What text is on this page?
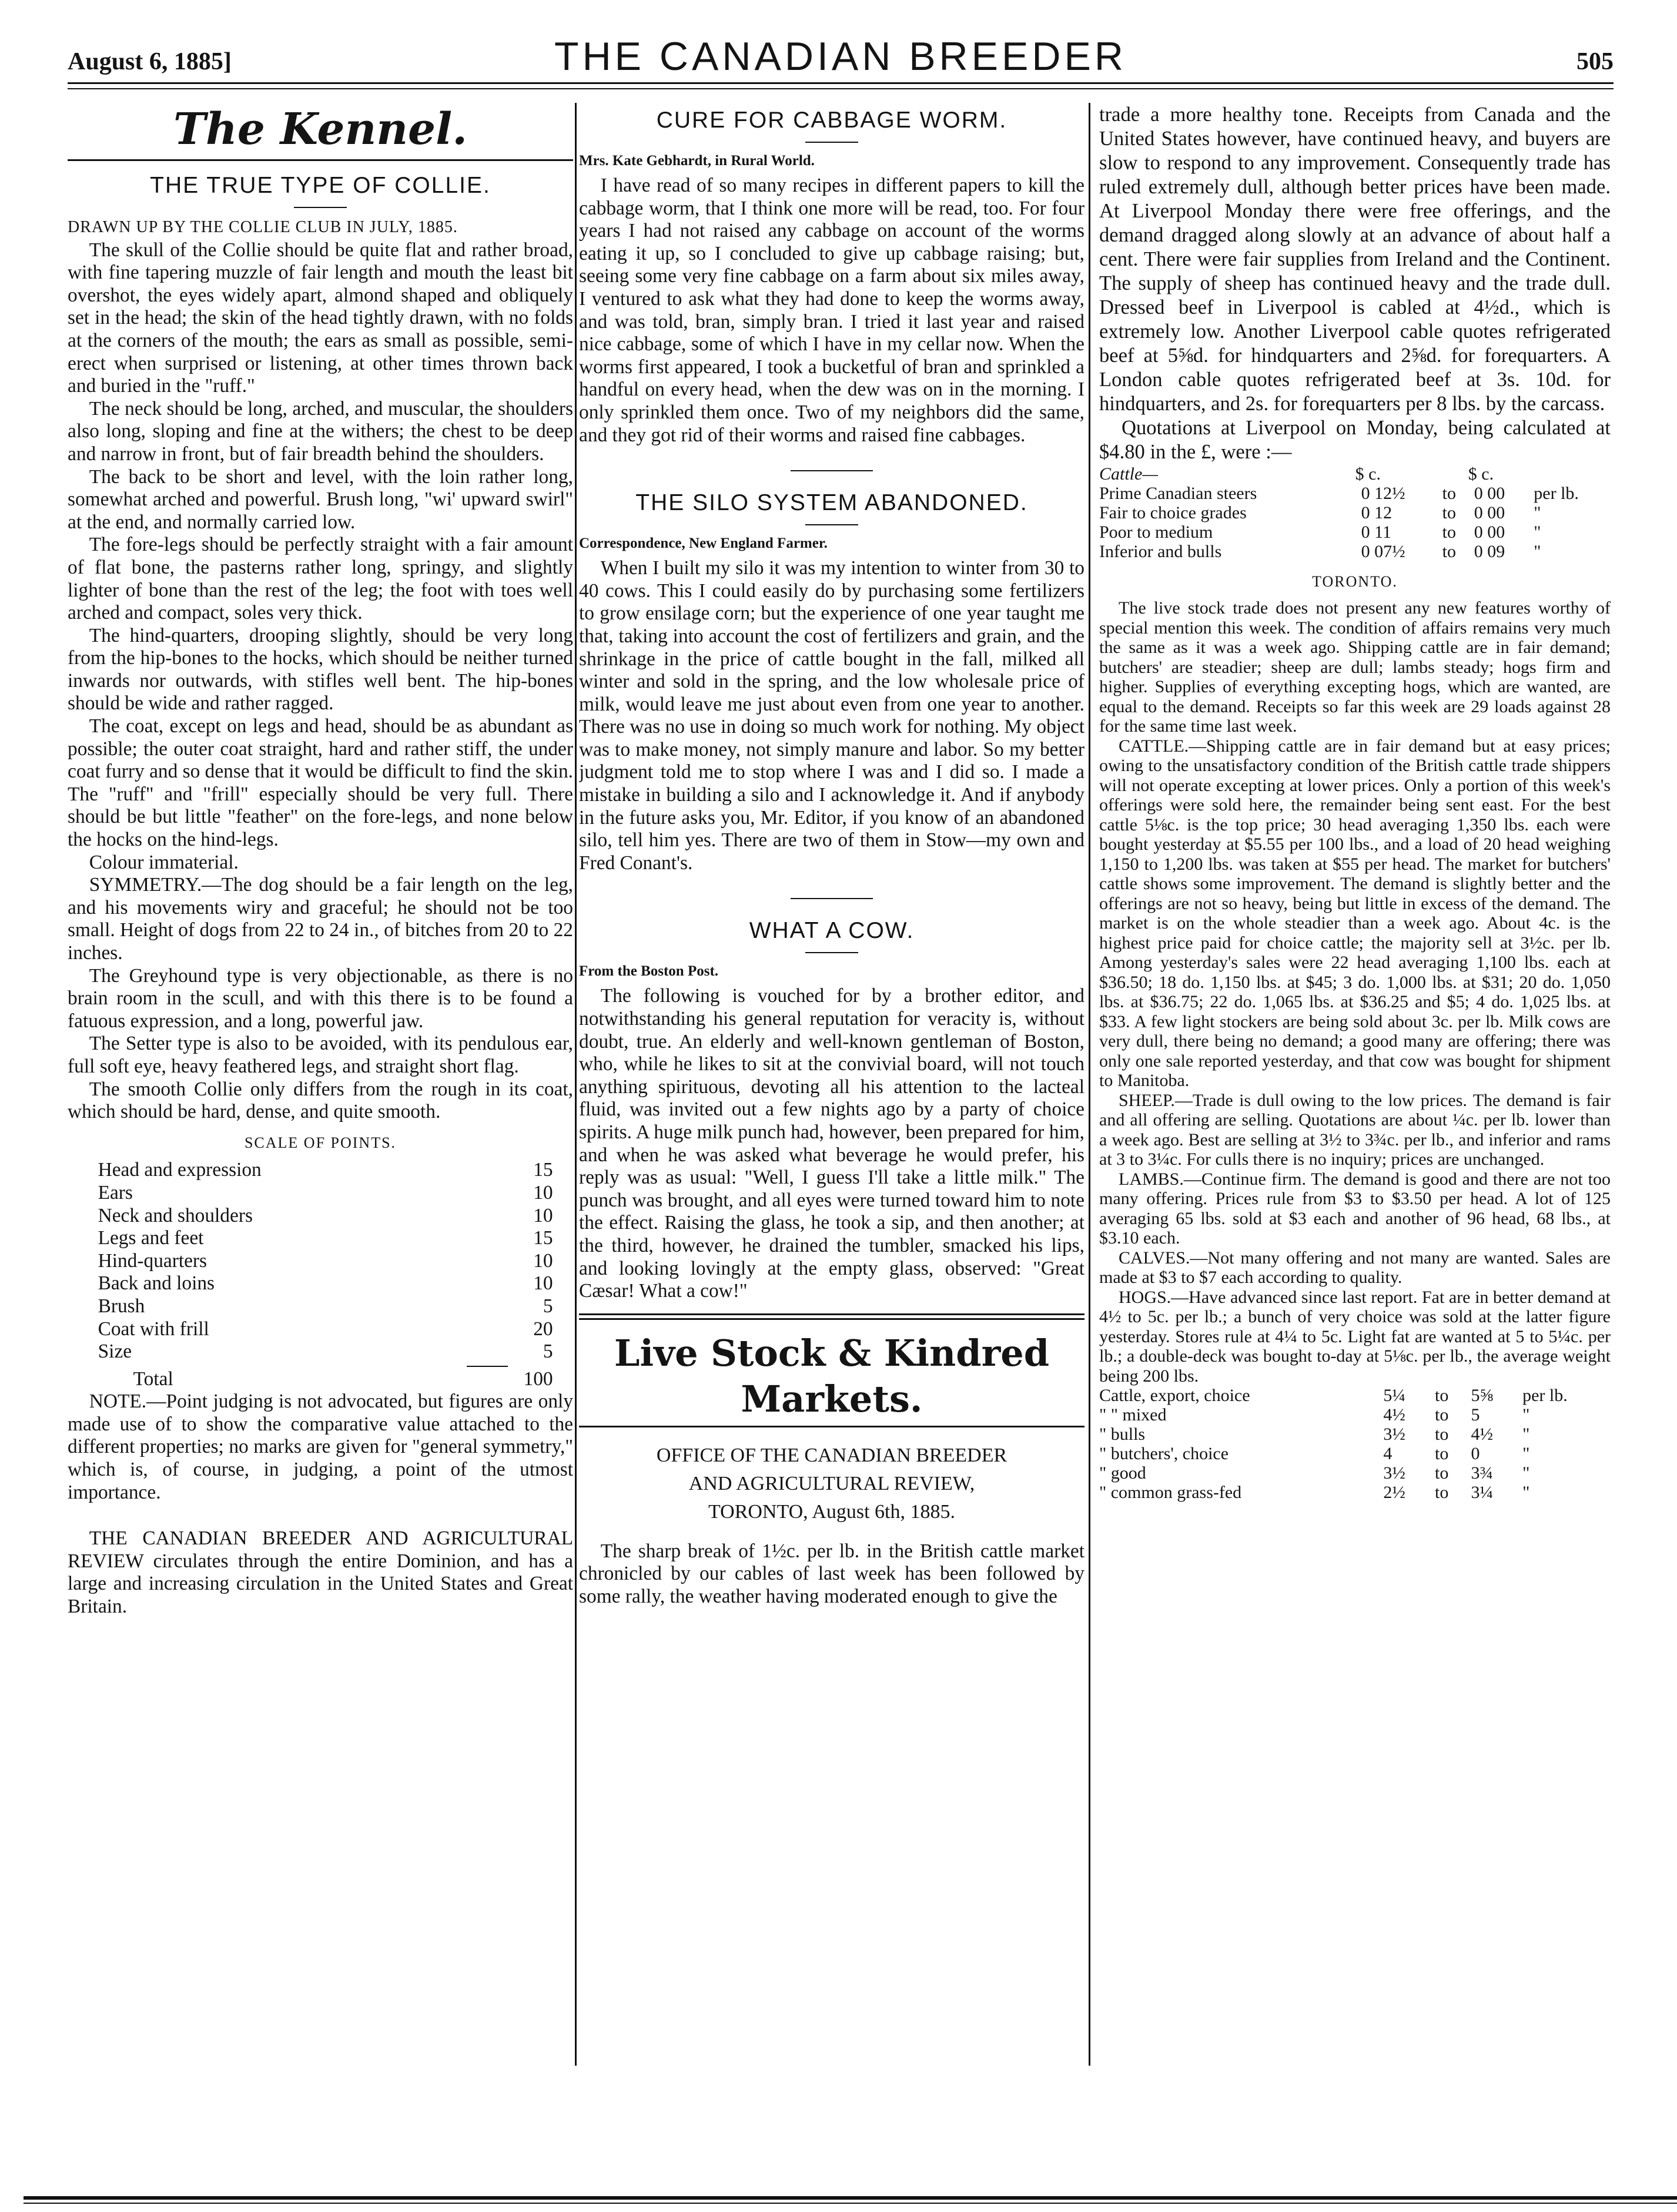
August 6, 1885]	THE CANADIAN BREEDER	505
The Kennel.
THE TRUE TYPE OF COLLIE.

DRAWN UP BY THE COLLIE CLUB IN JULY, 1885.

The skull of the Collie should be quite flat and rather broad, with fine tapering muzzle of fair length and mouth the least bit overshot, the eyes widely apart, almond shaped and obliquely set in the head; the skin of the head tightly drawn, with no folds at the corners of the mouth; the ears as small as possible, semi-erect when surprised or listening, at other times thrown back and buried in the "ruff."

The neck should be long, arched, and muscular, the shoulders also long, sloping and fine at the withers; the chest to be deep and narrow in front, but of fair breadth behind the shoulders.

The back to be short and level, with the loin rather long, somewhat arched and powerful. Brush long, "wi' upward swirl" at the end, and normally carried low.

The fore-legs should be perfectly straight with a fair amount of flat bone, the pasterns rather long, springy, and slightly lighter of bone than the rest of the leg; the foot with toes well arched and compact, soles very thick.

The hind-quarters, drooping slightly, should be very long from the hip-bones to the hocks, which should be neither turned inwards nor outwards, with stifles well bent. The hip-bones should be wide and rather ragged.

The coat, except on legs and head, should be as abundant as possible; the outer coat straight, hard and rather stiff, the under coat furry and so dense that it would be difficult to find the skin. The "ruff" and "frill" especially should be very full. There should be but little "feather" on the fore-legs, and none below the hocks on the hind-legs.

Colour immaterial.

SYMMETRY.—The dog should be a fair length on the leg, and his movements wiry and graceful; he should not be too small. Height of dogs from 22 to 24 in., of bitches from 20 to 22 inches.

The Greyhound type is very objectionable, as there is no brain room in the scull, and with this there is to be found a fatuous expression, and a long, powerful jaw.

The Setter type is also to be avoided, with its pendulous ear, full soft eye, heavy feathered legs, and straight short flag.

The smooth Collie only differs from the rough in its coat, which should be hard, dense, and quite smooth.

SCALE OF POINTS.
Head and expression	15
Ears	10
Neck and shoulders	10
Legs and feet	15
Hind-quarters	10
Back and loins	10
Brush	5
Coat with frill	20
Size	5
Total	100

NOTE.—Point judging is not advocated, but figures are only made use of to show the comparative value attached to the different properties; no marks are given for "general symmetry," which is, of course, in judging, a point of the utmost importance.

THE CANADIAN BREEDER AND AGRICULTURAL REVIEW circulates through the entire Dominion, and has a large and increasing circulation in the United States and Great Britain.

CURE FOR CABBAGE WORM.
Mrs. Kate Gebhardt, in Rural World.

I have read of so many recipes in different papers to kill the cabbage worm, that I think one more will be read, too. For four years I had not raised any cabbage on account of the worms eating it up, so I concluded to give up cabbage raising; but, seeing some very fine cabbage on a farm about six miles away, I ventured to ask what they had done to keep the worms away, and was told, bran, simply bran. I tried it last year and raised nice cabbage, some of which I have in my cellar now. When the worms first appeared, I took a bucketful of bran and sprinkled a handful on every head, when the dew was on in the morning. I only sprinkled them once. Two of my neighbors did the same, and they got rid of their worms and raised fine cabbages.

THE SILO SYSTEM ABANDONED.
Correspondence, New England Farmer.

When I built my silo it was my intention to winter from 30 to 40 cows. This I could easily do by purchasing some fertilizers to grow ensilage corn; but the experience of one year taught me that, taking into account the cost of fertilizers and grain, and the shrinkage in the price of cattle bought in the fall, milked all winter and sold in the spring, and the low wholesale price of milk, would leave me just about even from one year to another. There was no use in doing so much work for nothing. My object was to make money, not simply manure and labor. So my better judgment told me to stop where I was and I did so. I made a mistake in building a silo and I acknowledge it. And if anybody in the future asks you, Mr. Editor, if you know of an abandoned silo, tell him yes. There are two of them in Stow—my own and Fred Conant's.

WHAT A COW.
From the Boston Post.

The following is vouched for by a brother editor, and notwithstanding his general reputation for veracity is, without doubt, true. An elderly and well-known gentleman of Boston, who, while he likes to sit at the convivial board, will not touch anything spirituous, devoting all his attention to the lacteal fluid, was invited out a few nights ago by a party of choice spirits. A huge milk punch had, however, been prepared for him, and when he was asked what beverage he would prefer, his reply was as usual: "Well, I guess I'll take a little milk." The punch was brought, and all eyes were turned toward him to note the effect. Raising the glass, he took a sip, and then another; at the third, however, he drained the tumbler, smacked his lips, and looking lovingly at the empty glass, observed: "Great Cæsar! What a cow!"

Live Stock & Kindred Markets.
OFFICE OF THE CANADIAN BREEDER
AND AGRICULTURAL REVIEW,
TORONTO, August 6th, 1885.

The sharp break of 1½c. per lb. in the British cattle market chronicled by our cables of last week has been followed by some rally, the weather having moderated enough to give the

trade a more healthy tone. Receipts from Canada and the United States however, have continued heavy, and buyers are slow to respond to any improvement. Consequently trade has ruled extremely dull, although better prices have been made. At Liverpool Monday there were free offerings, and the demand dragged along slowly at an advance of about half a cent. There were fair supplies from Ireland and the Continent. The supply of sheep has continued heavy and the trade dull. Dressed beef in Liverpool is cabled at 4½d., which is extremely low. Another Liverpool cable quotes refrigerated beef at 5⅝d. for hindquarters and 2⅝d. for forequarters. A London cable quotes refrigerated beef at 3s. 10d. for hindquarters, and 2s. for forequarters per 8 lbs. by the carcass.

Quotations at Liverpool on Monday, being calculated at $4.80 in the £, were :—

Cattle—	$ c.		$ c.	
Prime Canadian steers	0 12½	to	0 00	per lb.
Fair to choice grades	0 12	to	0 00	"
Poor to medium	0 11	to	0 00	"
Inferior and bulls	0 07½	to	0 09	"
TORONTO.

The live stock trade does not present any new features worthy of special mention this week. The condition of affairs remains very much the same as it was a week ago. Shipping cattle are in fair demand; butchers' are steadier; sheep are dull; lambs steady; hogs firm and higher. Supplies of everything excepting hogs, which are wanted, are equal to the demand. Receipts so far this week are 29 loads against 28 for the same time last week.

CATTLE.—Shipping cattle are in fair demand but at easy prices; owing to the unsatisfactory condition of the British cattle trade shippers will not operate excepting at lower prices. Only a portion of this week's offerings were sold here, the remainder being sent east. For the best cattle 5⅛c. is the top price; 30 head averaging 1,350 lbs. each were bought yesterday at $5.55 per 100 lbs., and a load of 20 head weighing 1,150 to 1,200 lbs. was taken at $55 per head. The market for butchers' cattle shows some improvement. The demand is slightly better and the offerings are not so heavy, being but little in excess of the demand. The market is on the whole steadier than a week ago. About 4c. is the highest price paid for choice cattle; the majority sell at 3½c. per lb. Among yesterday's sales were 22 head averaging 1,100 lbs. each at $36.50; 18 do. 1,150 lbs. at $45; 3 do. 1,000 lbs. at $31; 20 do. 1,050 lbs. at $36.75; 22 do. 1,065 lbs. at $36.25 and $5; 4 do. 1,025 lbs. at $33. A few light stockers are being sold about 3c. per lb. Milk cows are very dull, there being no demand; a good many are offering; there was only one sale reported yesterday, and that cow was bought for shipment to Manitoba.

SHEEP.—Trade is dull owing to the low prices. The demand is fair and all offering are selling. Quotations are about ¼c. per lb. lower than a week ago. Best are selling at 3½ to 3¾c. per lb., and inferior and rams at 3 to 3¼c. For culls there is no inquiry; prices are unchanged.

LAMBS.—Continue firm. The demand is good and there are not too many offering. Prices rule from $3 to $3.50 per head. A lot of 125 averaging 65 lbs. sold at $3 each and another of 96 head, 68 lbs., at $3.10 each.

CALVES.—Not many offering and not many are wanted. Sales are made at $3 to $7 each according to quality.

HOGS.—Have advanced since last report. Fat are in better demand at 4½ to 5c. per lb.; a bunch of very choice was sold at the latter figure yesterday. Stores rule at 4¼ to 5c. Light fat are wanted at 5 to 5¼c. per lb.; a double-deck was bought to-day at 5⅛c. per lb., the average weight being 200 lbs.

Cattle, export, choice	5¼	to	5⅝	per lb.
" " mixed	4½	to	5	"
" bulls	3½	to	4½	"
" butchers', choice	4	to	0	"
" good	3½	to	3¾	"
" common grass-fed	2½	to	3¼	"
